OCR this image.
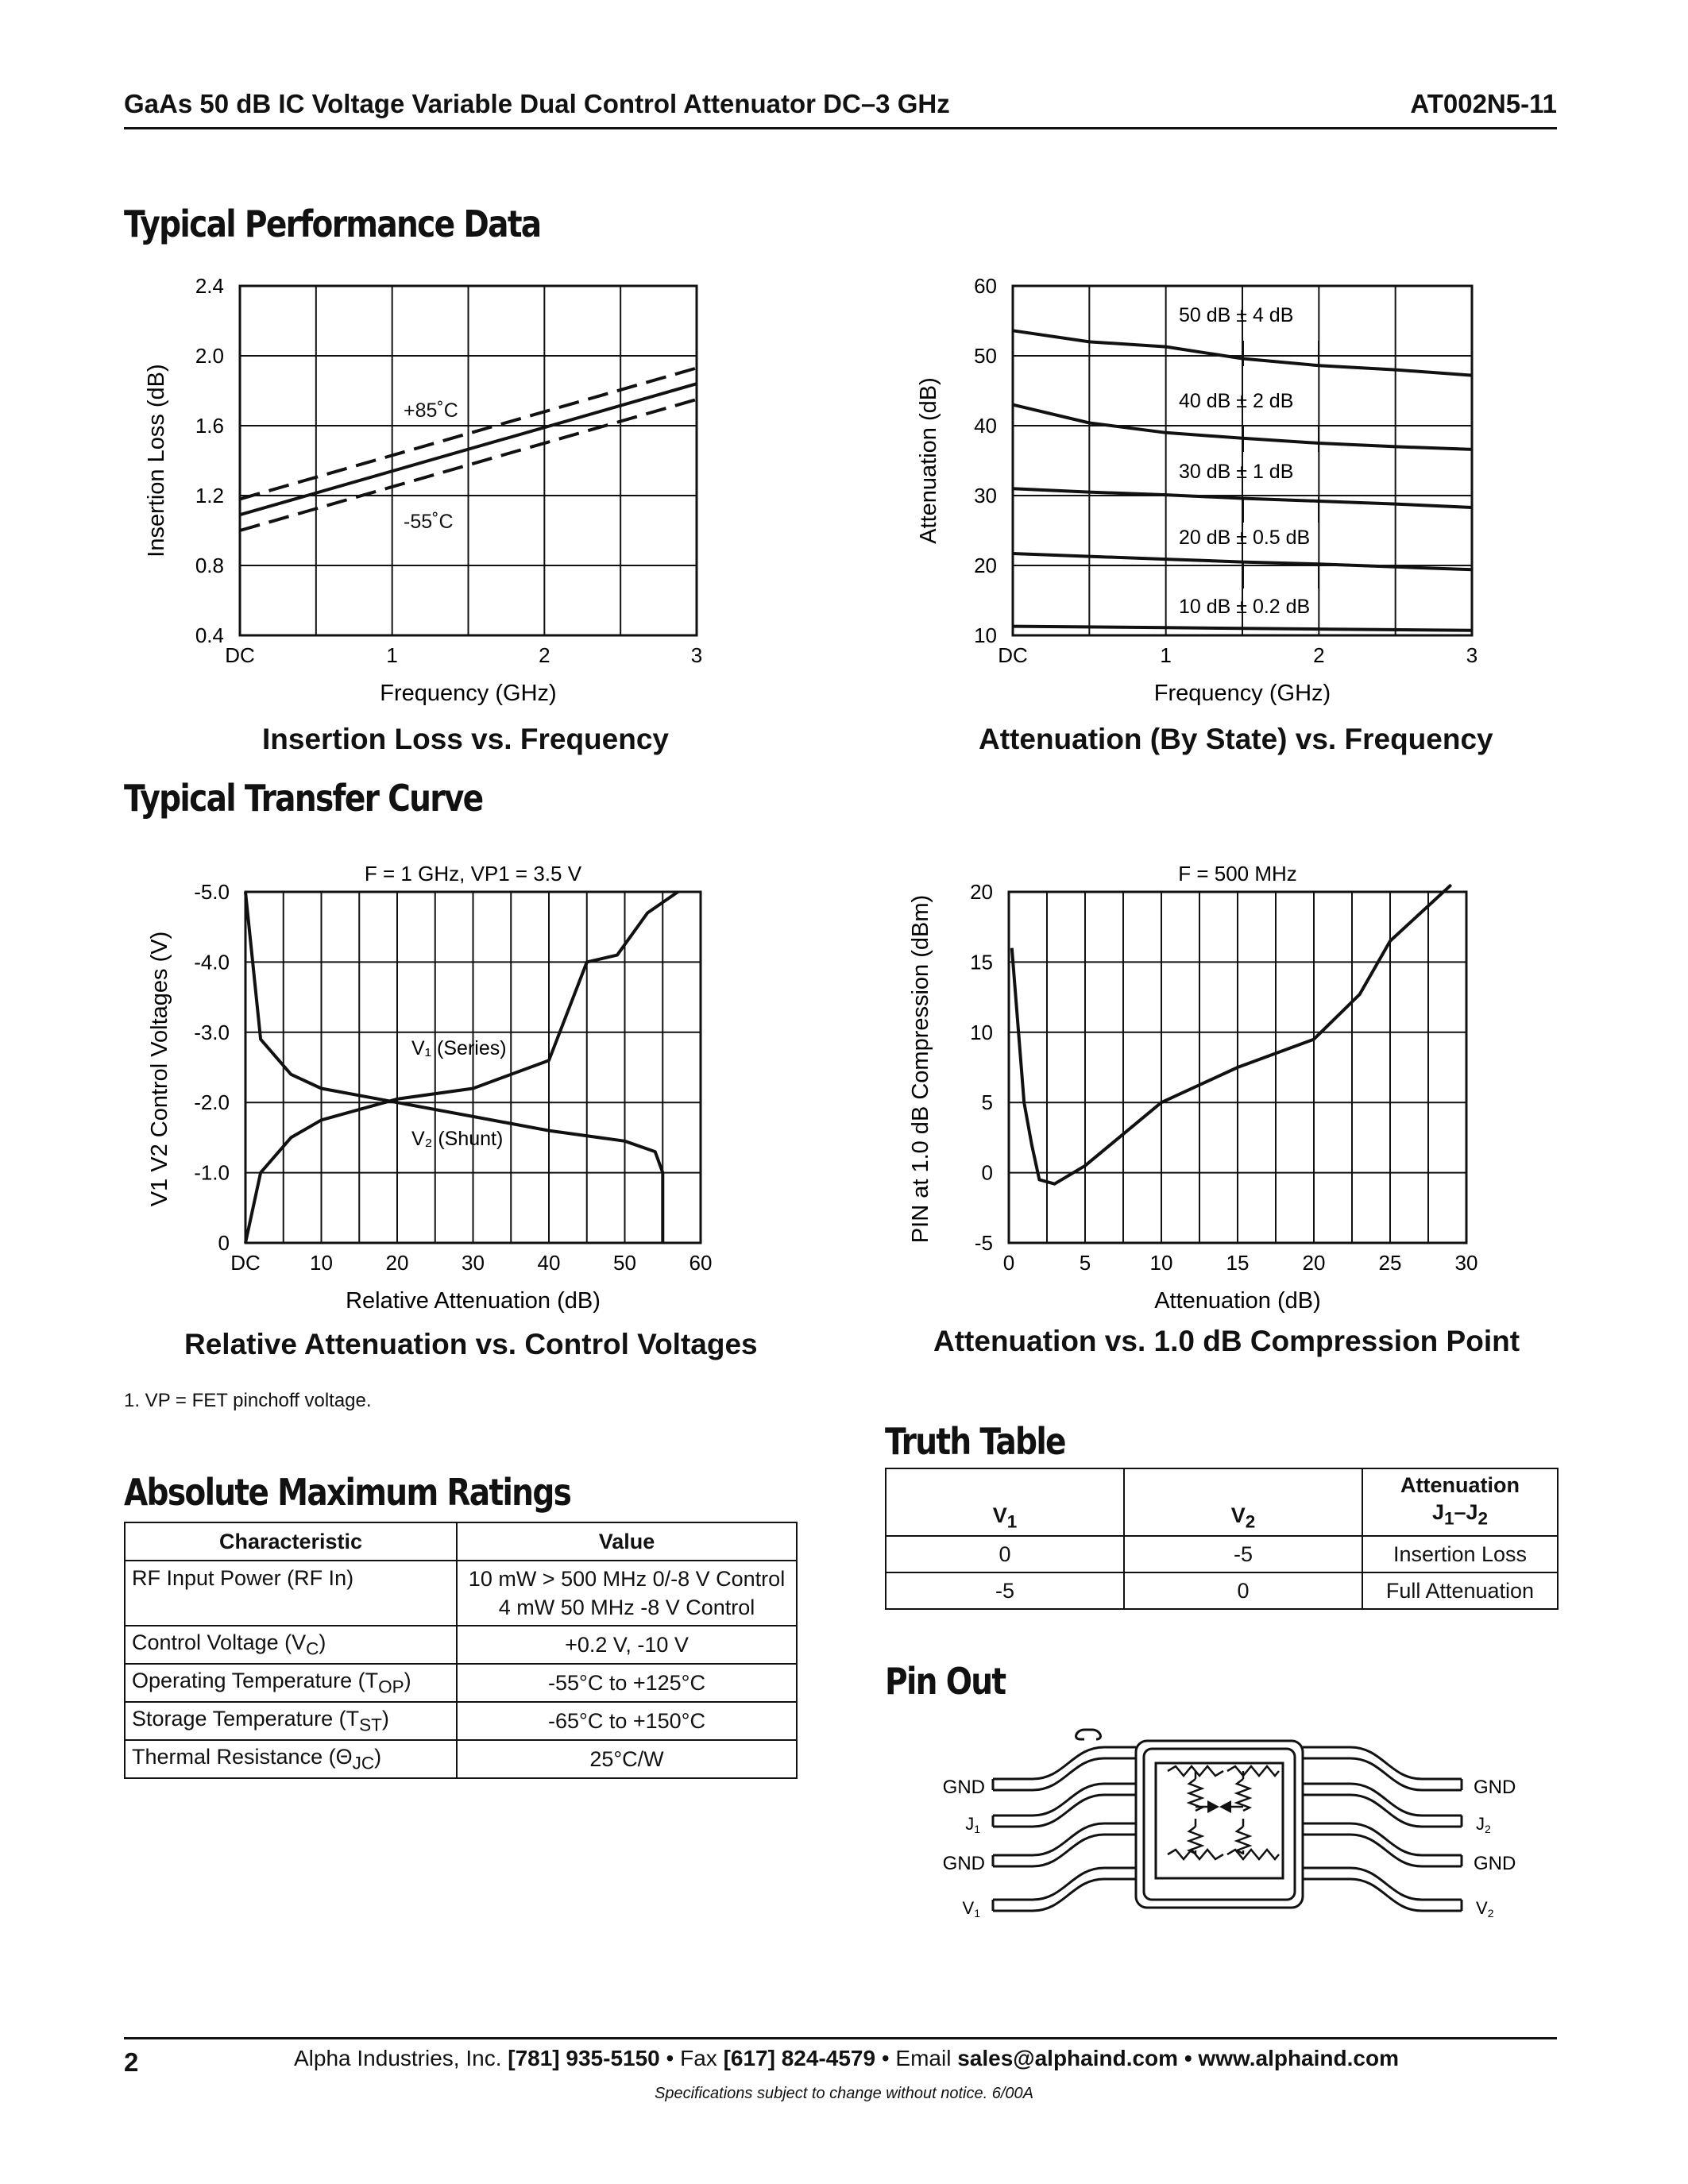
GaAs 50 dB IC Voltage Variable Dual Control Attenuator DC–3 GHz	AT002N5-11
Typical Performance Data
Typical Transfer Curve
Absolute Maximum Ratings
Truth Table
Pin Out
DC	1	2	3
0.4
0.8
1.2
1.6
2.0
2.4
Frequency (GHz)
Insertion Loss (dB)	+85˚C
-55˚C
DC	1	2	3
10
20
30
40
50
60
Frequency (GHz)
Attenuation (dB)
50 dB ± 4 dB
40 dB ± 2 dB
30 dB ± 1 dB
20 dB ± 0.5 dB
10 dB ± 0.2 dB
DC 10	20	30	40	50	60
0
-1.0
-2.0
-3.0
-4.0
-5.0
Relative Attenuation (dB)
V1 V2 Control Voltages (V)
F = 1 GHz, VP1 = 3.5 V
V₁ (Series)
V₂ (Shunt)
0	5	10	15	20	25	30
-5
0
5
10
15
20
Attenuation (dB)
PIN at 1.0 dB Compression (dBm)
F = 500 MHz
Insertion Loss vs. Frequency	Attenuation (By State) vs. Frequency
Relative Attenuation vs. Control Voltages	Attenuation vs. 1.0 dB Compression Point
1. VP = FET pinchoff voltage.
Characteristic	Value
RF Input Power (RF In)	10 mW > 500 MHz 0/-8 V Control
4 mW 50 MHz -8 V Control

Control Voltage $(V_C)$	+0.2 V, -10 V
Operating Temperature $(T_{OP})$	-55°C to +125°C
Storage Temperature $(T_{ST})$	-65°C to +150°C
Thermal Resistance $(\Theta_{JC})$	25°C/W
$V_1$	$V_2$	Attenuation
$J_1-J_2$

0	-5	Insertion Loss
-5	0	Full Attenuation
GND
J1
GND
V1
GND
J2
GND
V2
2	Alpha Industries, Inc. [781] 935-5150 • Fax [617] 824-4579 • Email sales@alphaind.com • www.alphaind.com
Specifications subject to change without notice. 6/00A
